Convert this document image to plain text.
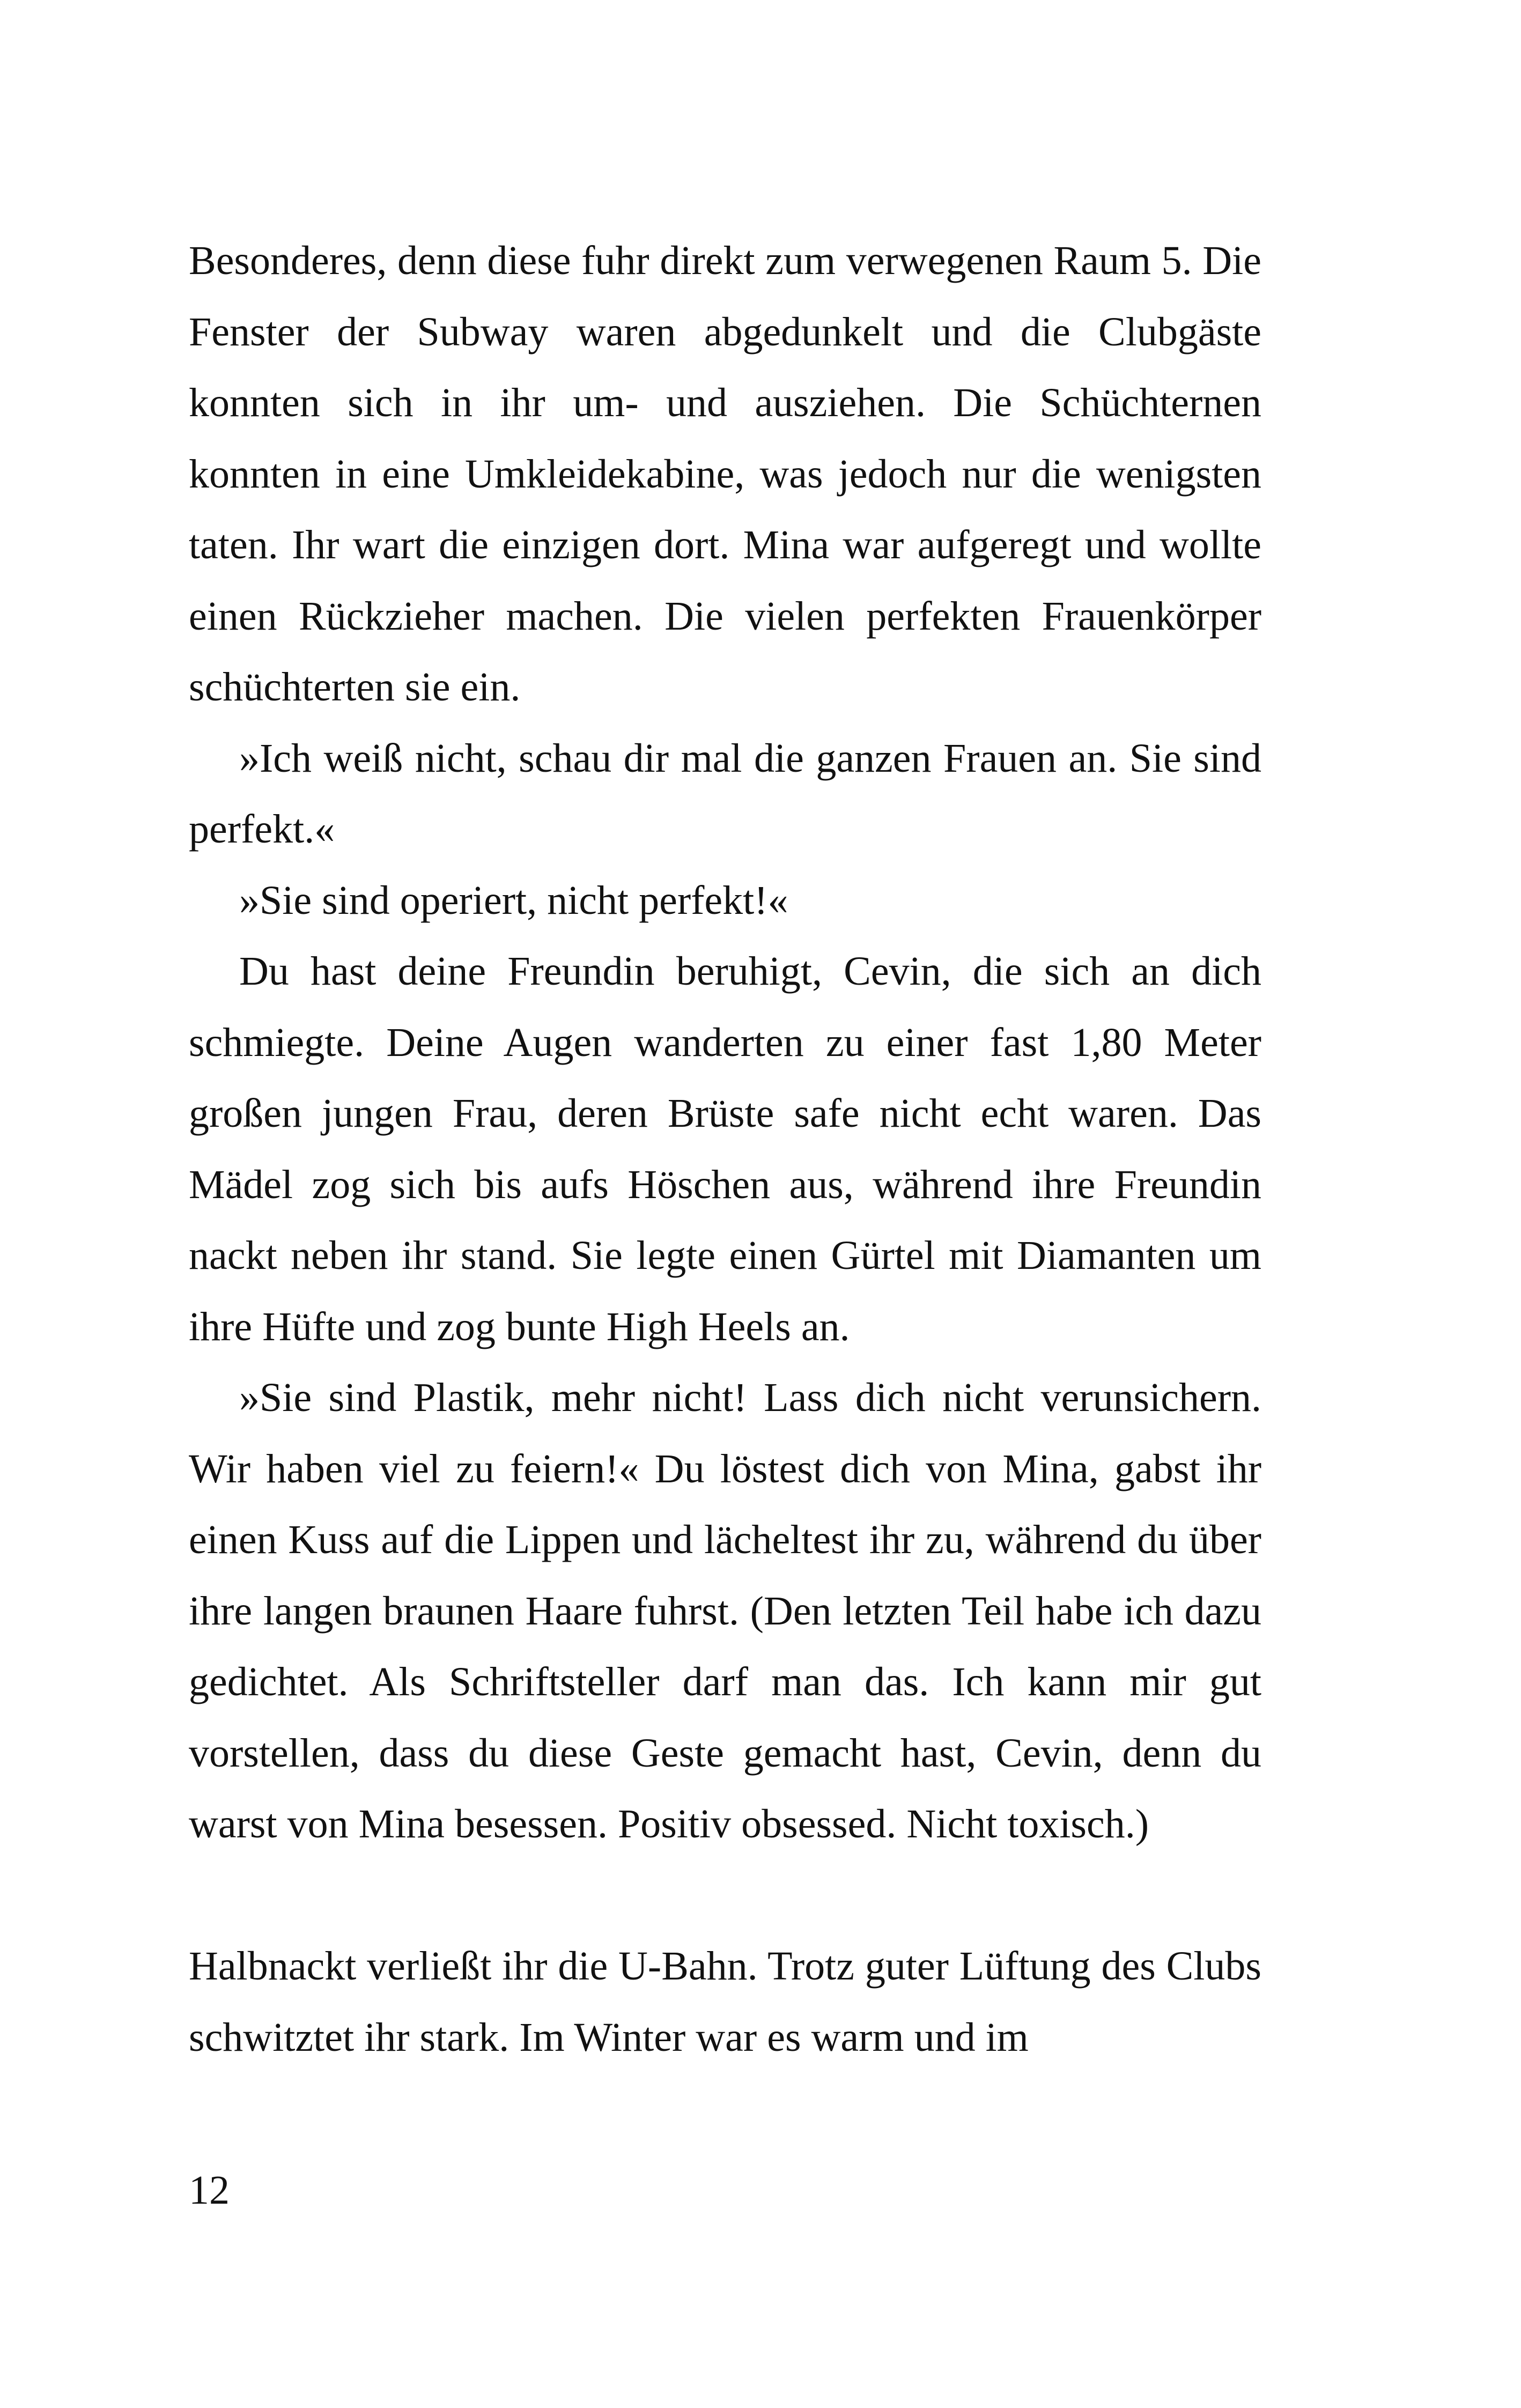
Besonderes, denn diese fuhr direkt zum verwegenen Raum 5. Die Fenster der Subway waren abgedunkelt und die Clubgäste konnten sich in ihr um- und ausziehen. Die Schüchternen konnten in eine Umkleidekabine, was jedoch nur die wenigsten taten. Ihr wart die einzigen dort. Mina war aufgeregt und wollte einen Rückzieher machen. Die vielen perfekten Frauenkörper schüchterten sie ein.

»Ich weiß nicht, schau dir mal die ganzen Frauen an. Sie sind perfekt.«

»Sie sind operiert, nicht perfekt!«

Du hast deine Freundin beruhigt, Cevin, die sich an dich schmiegte. Deine Augen wanderten zu einer fast 1,80 Meter großen jungen Frau, deren Brüste safe nicht echt waren. Das Mädel zog sich bis aufs Höschen aus, während ihre Freundin nackt neben ihr stand. Sie legte einen Gürtel mit Diamanten um ihre Hüfte und zog bunte High Heels an.

»Sie sind Plastik, mehr nicht! Lass dich nicht verunsichern. Wir haben viel zu feiern!« Du löstest dich von Mina, gabst ihr einen Kuss auf die Lippen und lächeltest ihr zu, während du über ihre langen braunen Haare fuhrst. (Den letzten Teil habe ich dazu gedichtet. Als Schriftsteller darf man das. Ich kann mir gut vorstellen, dass du diese Geste gemacht hast, Cevin, denn du warst von Mina besessen. Positiv obsessed. Nicht toxisch.)

Halbnackt verließt ihr die U-Bahn. Trotz guter Lüftung des Clubs schwitztet ihr stark. Im Winter war es warm und im

12
